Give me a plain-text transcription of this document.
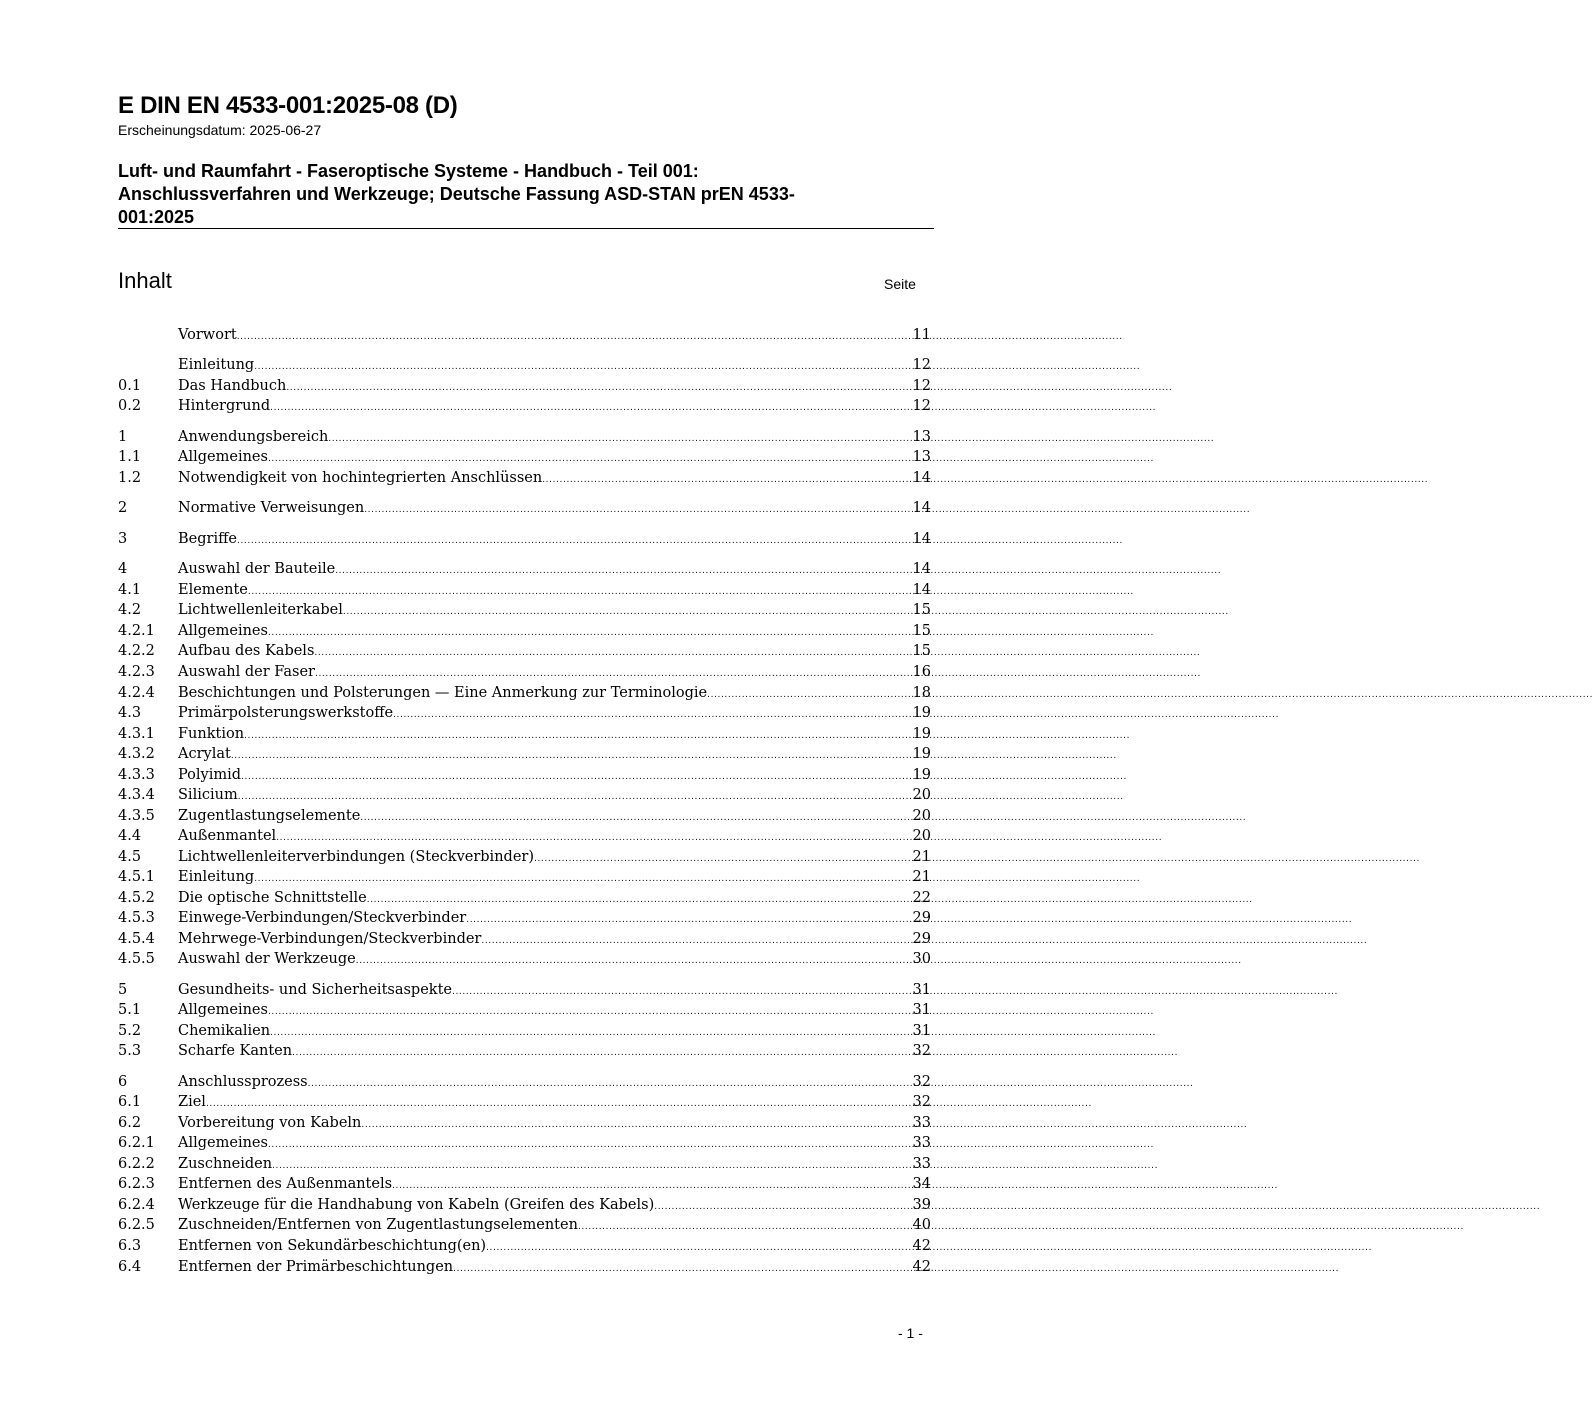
E DIN EN 4533-001:2025-08 (D)
Erscheinungsdatum: 2025-06-27
Luft- und Raumfahrt - Faseroptische Systeme - Handbuch - Teil 001:
Anschlussverfahren und Werkzeuge; Deutsche Fassung ASD-STAN prEN 4533-
001:2025
Inhalt	Seite
Vorwort .....	11
Einleitung .....	12
0.1	Das Handbuch .....	12
0.2	Hintergrund .....	12
1	Anwendungsbereich .....	13
1.1	Allgemeines .....	13
1.2	Notwendigkeit von hochintegrierten Anschlüssen .....	14
2	Normative Verweisungen .....	14
3	Begriffe .....	14
4	Auswahl der Bauteile .....	14
4.1	Elemente .....	14
4.2	Lichtwellenleiterkabel .....	15
4.2.1	Allgemeines .....	15
4.2.2	Aufbau des Kabels .....	15
4.2.3	Auswahl der Faser .....	16
4.2.4	Beschichtungen und Polsterungen — Eine Anmerkung zur Terminologie .....	18
4.3	Primärpolsterungswerkstoffe .....	19
4.3.1	Funktion .....	19
4.3.2	Acrylat .....	19
4.3.3	Polyimid .....	19
4.3.4	Silicium .....	20
4.3.5	Zugentlastungselemente .....	20
4.4	Außenmantel .....	20
4.5	Lichtwellenleiterverbindungen (Steckverbinder) .....	21
4.5.1	Einleitung .....	21
4.5.2	Die optische Schnittstelle .....	22
4.5.3	Einwege-Verbindungen/Steckverbinder .....	29
4.5.4	Mehrwege-Verbindungen/Steckverbinder .....	29
4.5.5	Auswahl der Werkzeuge .....	30
5	Gesundheits- und Sicherheitsaspekte .....	31
5.1	Allgemeines .....	31
5.2	Chemikalien .....	31
5.3	Scharfe Kanten .....	32
6	Anschlussprozess .....	32
6.1	Ziel .....	32
6.2	Vorbereitung von Kabeln .....	33
6.2.1	Allgemeines .....	33
6.2.2	Zuschneiden .....	33
6.2.3	Entfernen des Außenmantels .....	34
6.2.4	Werkzeuge für die Handhabung von Kabeln (Greifen des Kabels) .....	39
6.2.5	Zuschneiden/Entfernen von Zugentlastungselementen .....	40
6.3	Entfernen von Sekundärbeschichtung(en) .....	42
6.4	Entfernen der Primärbeschichtungen .....	42
- 1 -
